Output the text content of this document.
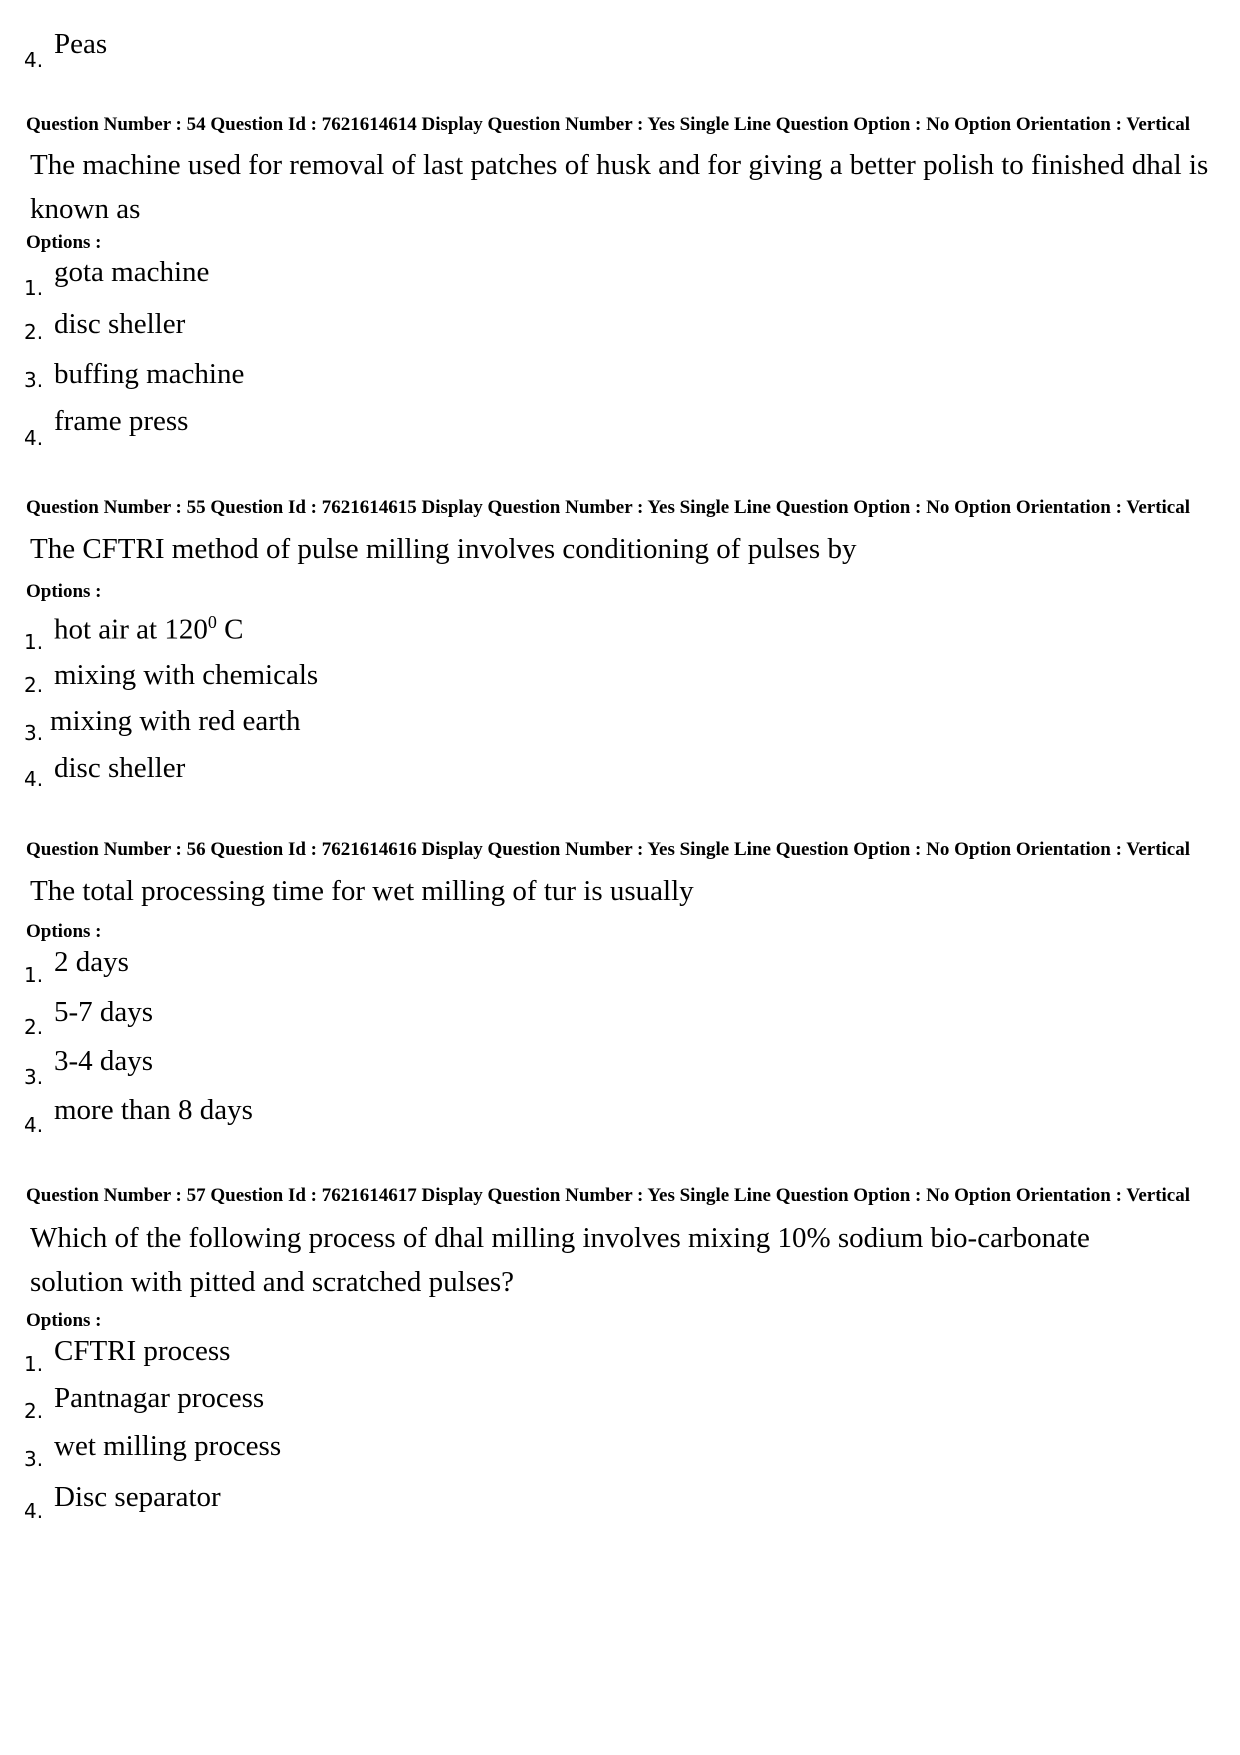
4. Peas
Question Number : 54 Question Id : 7621614614 Display Question Number : Yes Single Line Question Option : No Option Orientation : Vertical
The machine used for removal of last patches of husk and for giving a better polish to finished dhal is known as
Options :
1. gota machine
2. disc sheller
3. buffing machine
4.
frame press
Question Number : 55 Question Id : 7621614615 Display Question Number : Yes Single Line Question Option : No Option Orientation : Vertical
The CFTRI method of pulse milling involves conditioning of pulses by
Options :
1. hot air at $120^0$ C
2. mixing with chemicals
3. mixing with red earth
4. disc sheller
Question Number : 56 Question Id : 7621614616 Display Question Number : Yes Single Line Question Option : No Option Orientation : Vertical
The total processing time for wet milling of tur is usually
Options :
1. 2 days
2. 5-7 days
3. 3-4 days
4. more than 8 days
Question Number : 57 Question Id : 7621614617 Display Question Number : Yes Single Line Question Option : No Option Orientation : Vertical
Which of the following process of dhal milling involves mixing 10% sodium bio-carbonate solution with pitted and scratched pulses?
Options :
1. CFTRI process
2. Pantnagar process
3. wet milling process
4. Disc separator
